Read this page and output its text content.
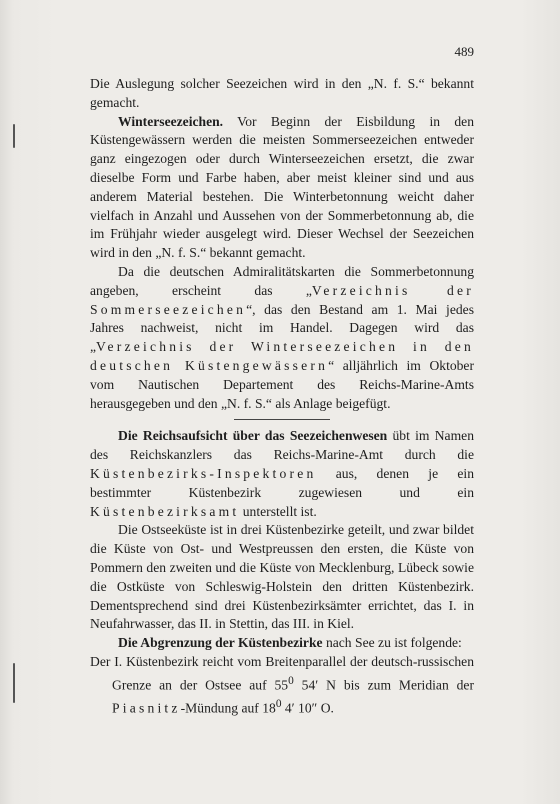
489

Die Auslegung solcher Seezeichen wird in den „N. f. S.“ bekannt gemacht.

Winterseezeichen. Vor Beginn der Eisbildung in den Küstengewässern werden die meisten Sommerseezeichen entweder ganz eingezogen oder durch Winterseezeichen ersetzt, die zwar dieselbe Form und Farbe haben, aber meist kleiner sind und aus anderem Material bestehen. Die Winterbetonnung weicht daher vielfach in Anzahl und Aussehen von der Sommerbetonnung ab, die im Frühjahr wieder ausgelegt wird. Dieser Wechsel der Seezeichen wird in den „N. f. S.“ bekannt gemacht.

Da die deutschen Admiralitätskarten die Sommerbetonnung angeben, erscheint das „Verzeichnis der Sommerseezeichen“, das den Bestand am 1. Mai jedes Jahres nachweist, nicht im Handel. Dagegen wird das „Verzeichnis der Winterseezeichen in den deutschen Küstengewässern“ alljährlich im Oktober vom Nautischen Departement des Reichs-Marine-Amts herausgegeben und den „N. f. S.“ als Anlage beigefügt.

Die Reichsaufsicht über das Seezeichenwesen übt im Namen des Reichskanzlers das Reichs-Marine-Amt durch die Küstenbezirks-Inspektoren aus, denen je ein bestimmter Küstenbezirk zugewiesen und ein Küstenbezirksamt unterstellt ist.

Die Ostseeküste ist in drei Küstenbezirke geteilt, und zwar bildet die Küste von Ost- und Westpreussen den ersten, die Küste von Pommern den zweiten und die Küste von Mecklenburg, Lübeck sowie die Ostküste von Schleswig-Holstein den dritten Küstenbezirk. Dementsprechend sind drei Küstenbezirksämter errichtet, das I. in Neufahrwasser, das II. in Stettin, das III. in Kiel.

Die Abgrenzung der Küstenbezirke nach See zu ist folgende:

Der I. Küstenbezirk reicht vom Breitenparallel der deutsch-russischen Grenze an der Ostsee auf $55^0$ 54′ N bis zum Meridian der Piasnitz-Mündung auf $18^0$ 4′ 10″ O.
